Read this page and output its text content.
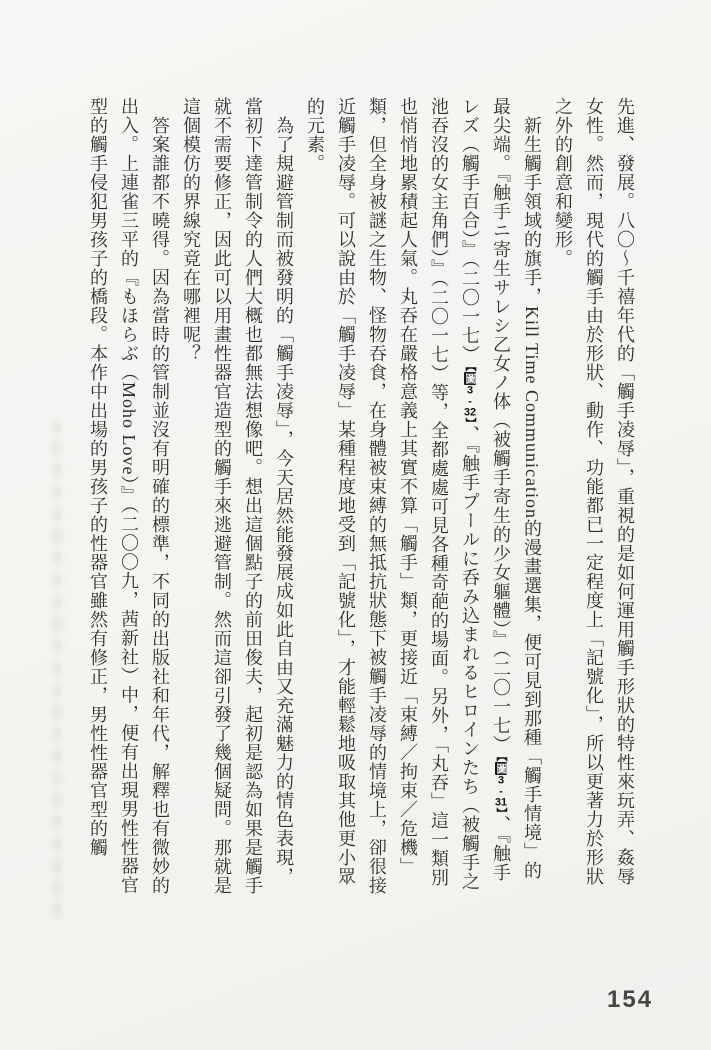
先進、發展。八〇～千禧年代的「觸手凌辱」，重視的是如何運用觸手形狀的特性來玩弄、姦辱女性。然而，現代的觸手由於形狀、動作、功能都已一定程度上「記號化」，所以更著力於形狀之外的創意和變形。

新生觸手領域的旗手，Kill Time Communication的漫畫選集，便可見到那種「觸手情境」的最尖端。『触手ニ寄生サレシ乙女ノ体（被觸手寄生的少女軀體）』（二〇一七）【圖3-31】、『触手レズ（觸手百合）』（二〇一七）【圖3-32】、『触手プールに呑み込まれるヒロインたち（被觸手之池吞沒的女主角們）』（二〇一七）等，全都處處可見各種奇葩的場面。另外，「丸吞」這一類別也悄悄地累積起人氣。丸吞在嚴格意義上其實不算「觸手」類，更接近「束縛／拘束／危機」類，但全身被謎之生物、怪物吞食，在身體被束縛的無抵抗狀態下被觸手凌辱的情境上，卻很接近觸手凌辱。可以說由於「觸手凌辱」某種程度地受到「記號化」，才能輕鬆地吸取其他更小眾的元素。

為了規避管制而被發明的「觸手凌辱」，今天居然能發展成如此自由又充滿魅力的情色表現，當初下達管制令的人們大概也都無法想像吧。想出這個點子的前田俊夫，起初是認為如果是觸手就不需要修正，因此可以用畫性器官造型的觸手來逃避管制。然而這卻引發了幾個疑問。那就是這個模仿的界線究竟在哪裡呢？

答案誰都不曉得。因為當時的管制並沒有明確的標準，不同的出版社和年代，解釋也有微妙的出入。上連雀三平的『もほらぶ（Moho Love）』（二〇〇九，茜新社）中，便有出現男性性器官型的觸手侵犯男孩子的橋段。本作中出場的男孩子的性器官雖然有修正，男性性器官型的觸

154
